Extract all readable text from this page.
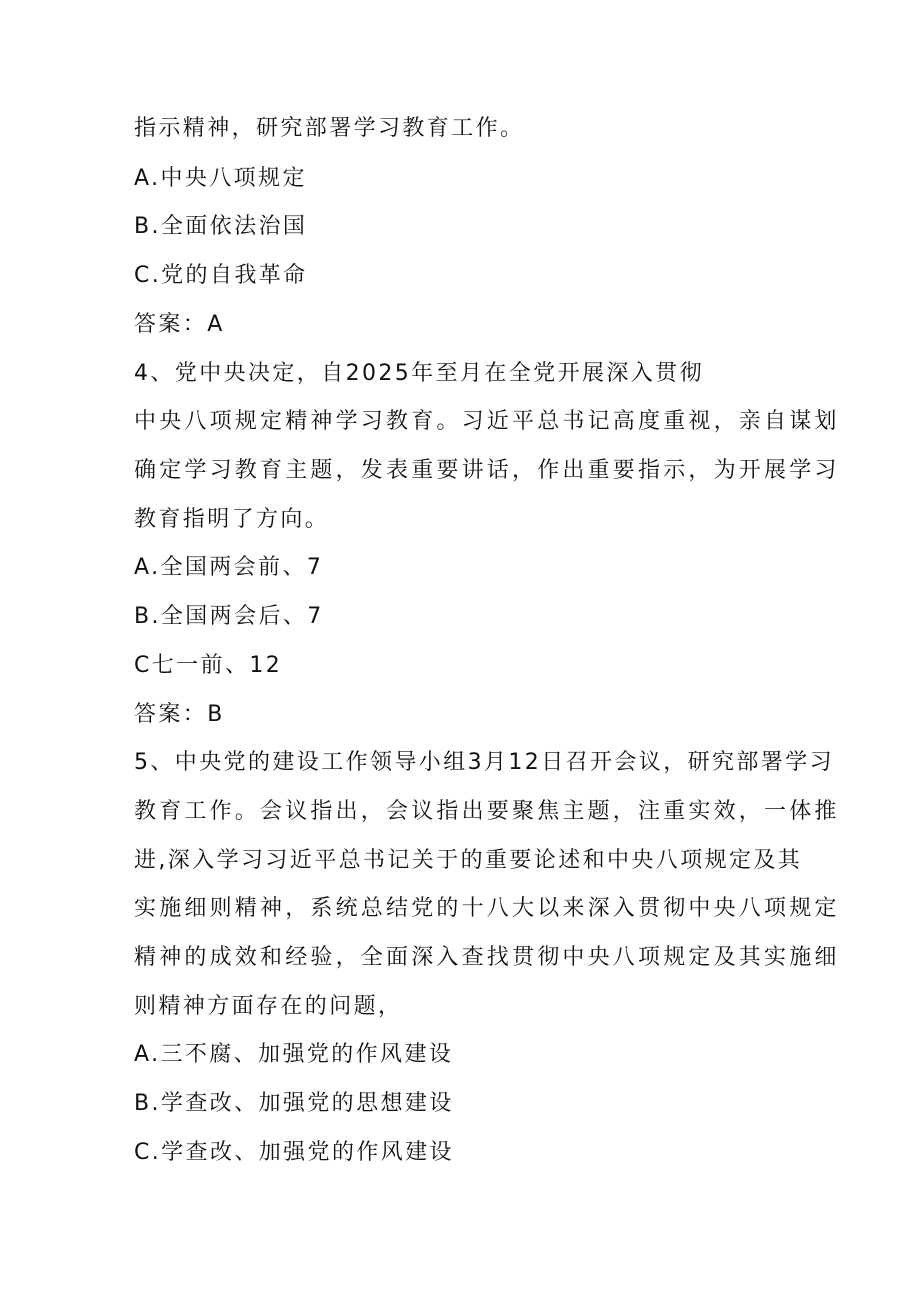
指示精神，研究部署学习教育工作。
A.中央八项规定
B.全面依法治国
C.党的自我革命
答案：A
4、党中央决定，自2025年至月在全党开展深入贯彻
中央八项规定精神学习教育。习近平总书记高度重视，亲自谋划
确定学习教育主题，发表重要讲话，作出重要指示，为开展学习
教育指明了方向。
A.全国两会前、7
B.全国两会后、7
C七一前、12
答案：B
5、中央党的建设工作领导小组3月12日召开会议，研究部署学习
教育工作。会议指出，会议指出要聚焦主题，注重实效，一体推
进,深入学习习近平总书记关于的重要论述和中央八项规定及其
实施细则精神，系统总结党的十八大以来深入贯彻中央八项规定
精神的成效和经验，全面深入查找贯彻中央八项规定及其实施细
则精神方面存在的问题，
A.三不腐、加强党的作风建设
B.学查改、加强党的思想建设
C.学查改、加强党的作风建设
